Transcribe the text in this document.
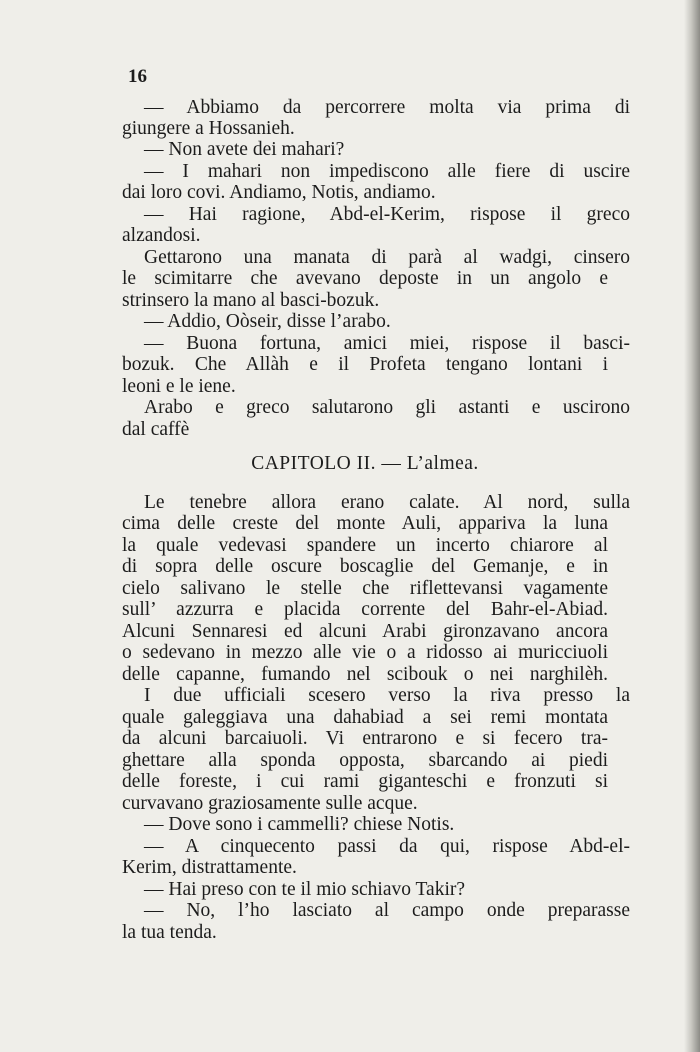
16
— Abbiamo da percorrere molta via prima di
giungere a Hossanieh.
— Non avete dei mahari?
— I mahari non impediscono alle fiere di uscire
dai loro covi. Andiamo, Notis, andiamo.
— Hai ragione, Abd-el-Kerim, rispose il greco
alzandosi.
Gettarono una manata di parà al wadgi, cinsero
le scimitarre che avevano deposte in un angolo e
strinsero la mano al basci-bozuk.
— Addio, Oòseir, disse l’arabo.
— Buona fortuna, amici miei, rispose il basci-
bozuk. Che Allàh e il Profeta tengano lontani i
leoni e le iene.
Arabo e greco salutarono gli astanti e uscirono
dal caffè
CAPITOLO II. — L’almea.
Le tenebre allora erano calate. Al nord, sulla
cima delle creste del monte Auli, appariva la luna
la quale vedevasi spandere un incerto chiarore al
di sopra delle oscure boscaglie del Gemanje, e in
cielo salivano le stelle che riflettevansi vagamente
sull’ azzurra e placida corrente del Bahr-el-Abiad.
Alcuni Sennaresi ed alcuni Arabi gironzavano ancora
o sedevano in mezzo alle vie o a ridosso ai muricciuoli
delle capanne, fumando nel scibouk o nei narghilèh.
I due ufficiali scesero verso la riva presso la
quale galeggiava una dahabiad a sei remi montata
da alcuni barcaiuoli. Vi entrarono e si fecero tra-
ghettare alla sponda opposta, sbarcando ai piedi
delle foreste, i cui rami giganteschi e fronzuti si
curvavano graziosamente sulle acque.
— Dove sono i cammelli? chiese Notis.
— A cinquecento passi da qui, rispose Abd-el-
Kerim, distrattamente.
— Hai preso con te il mio schiavo Takir?
— No, l’ho lasciato al campo onde preparasse
la tua tenda.
